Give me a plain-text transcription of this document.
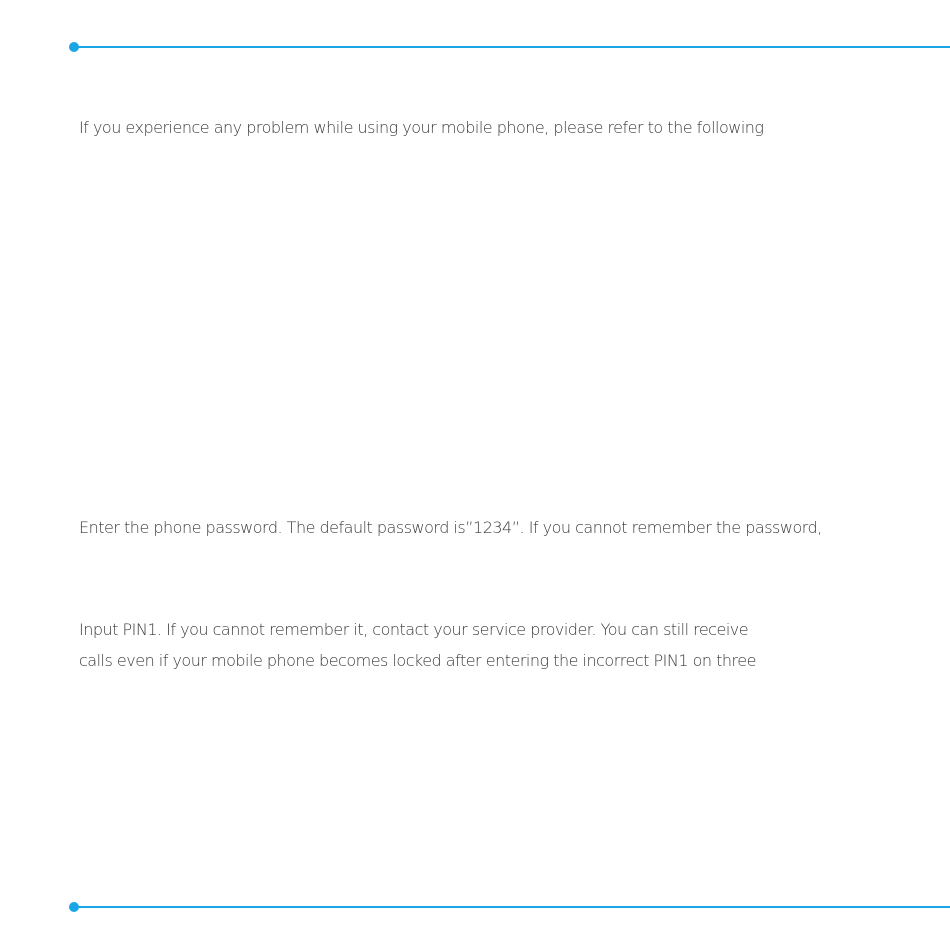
If you experience any problem while using your mobile phone, please refer to the following

Enter the phone password. The default password is”1234”. If you cannot remember the password,

Input PIN1. If you cannot remember it, contact your service provider. You can still receive
calls even if your mobile phone becomes locked after entering the incorrect PIN1 on three
